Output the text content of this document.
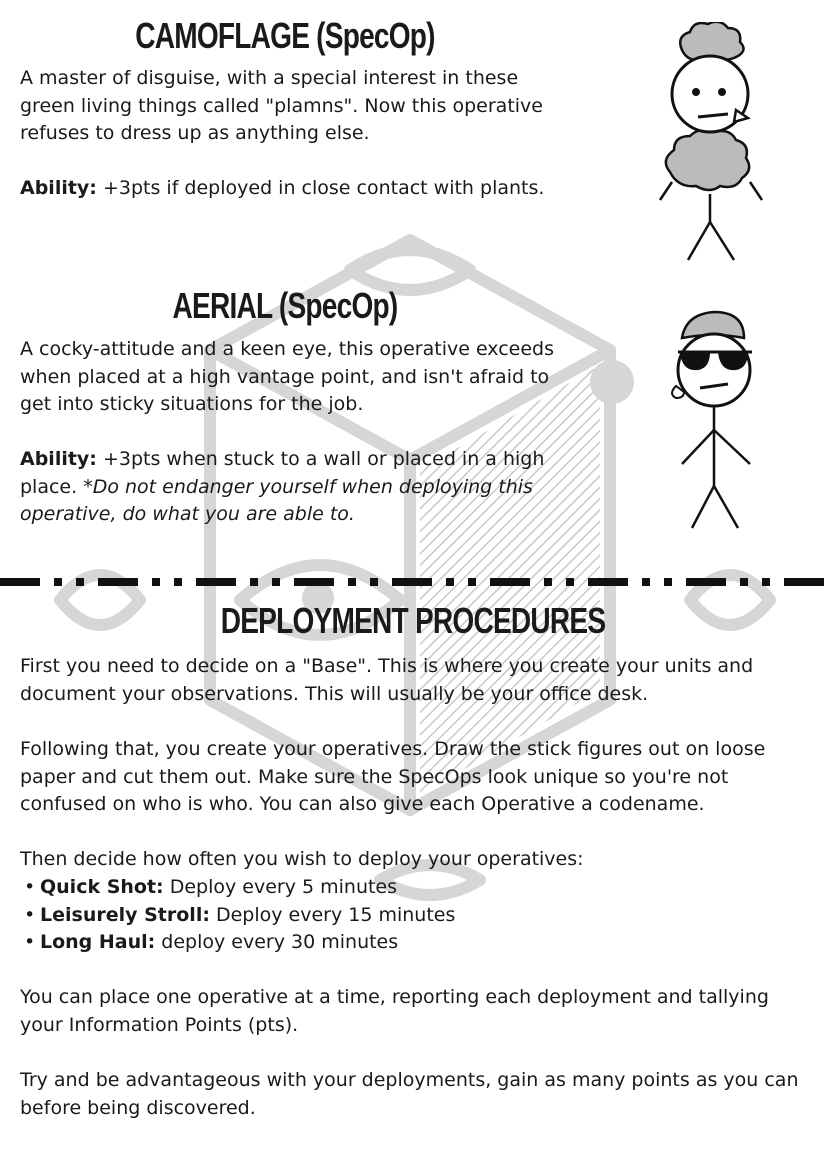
CAMOFLAGE (SpecOp)

A master of disguise, with a special interest in these green living things called "plamns". Now this operative refuses to dress up as anything else.

Ability: +3pts if deployed in close contact with plants.

AERIAL (SpecOp)

A cocky-attitude and a keen eye, this operative exceeds when placed at a high vantage point, and isn't afraid to get into sticky situations for the job.

Ability: +3pts when stuck to a wall or placed in a high place. *Do not endanger yourself when deploying this operative, do what you are able to.

DEPLOYMENT PROCEDURES

First you need to decide on a "Base". This is where you create your units and document your observations. This will usually be your office desk.

Following that, you create your operatives. Draw the stick figures out on loose paper and cut them out. Make sure the SpecOps look unique so you're not confused on who is who. You can also give each Operative a codename.

Then decide how often you wish to deploy your operatives:

• Quick Shot: Deploy every 5 minutes
• Leisurely Stroll: Deploy every 15 minutes
• Long Haul: deploy every 30 minutes

You can place one operative at a time, reporting each deployment and tallying your Information Points (pts).

Try and be advantageous with your deployments, gain as many points as you can before being discovered.
